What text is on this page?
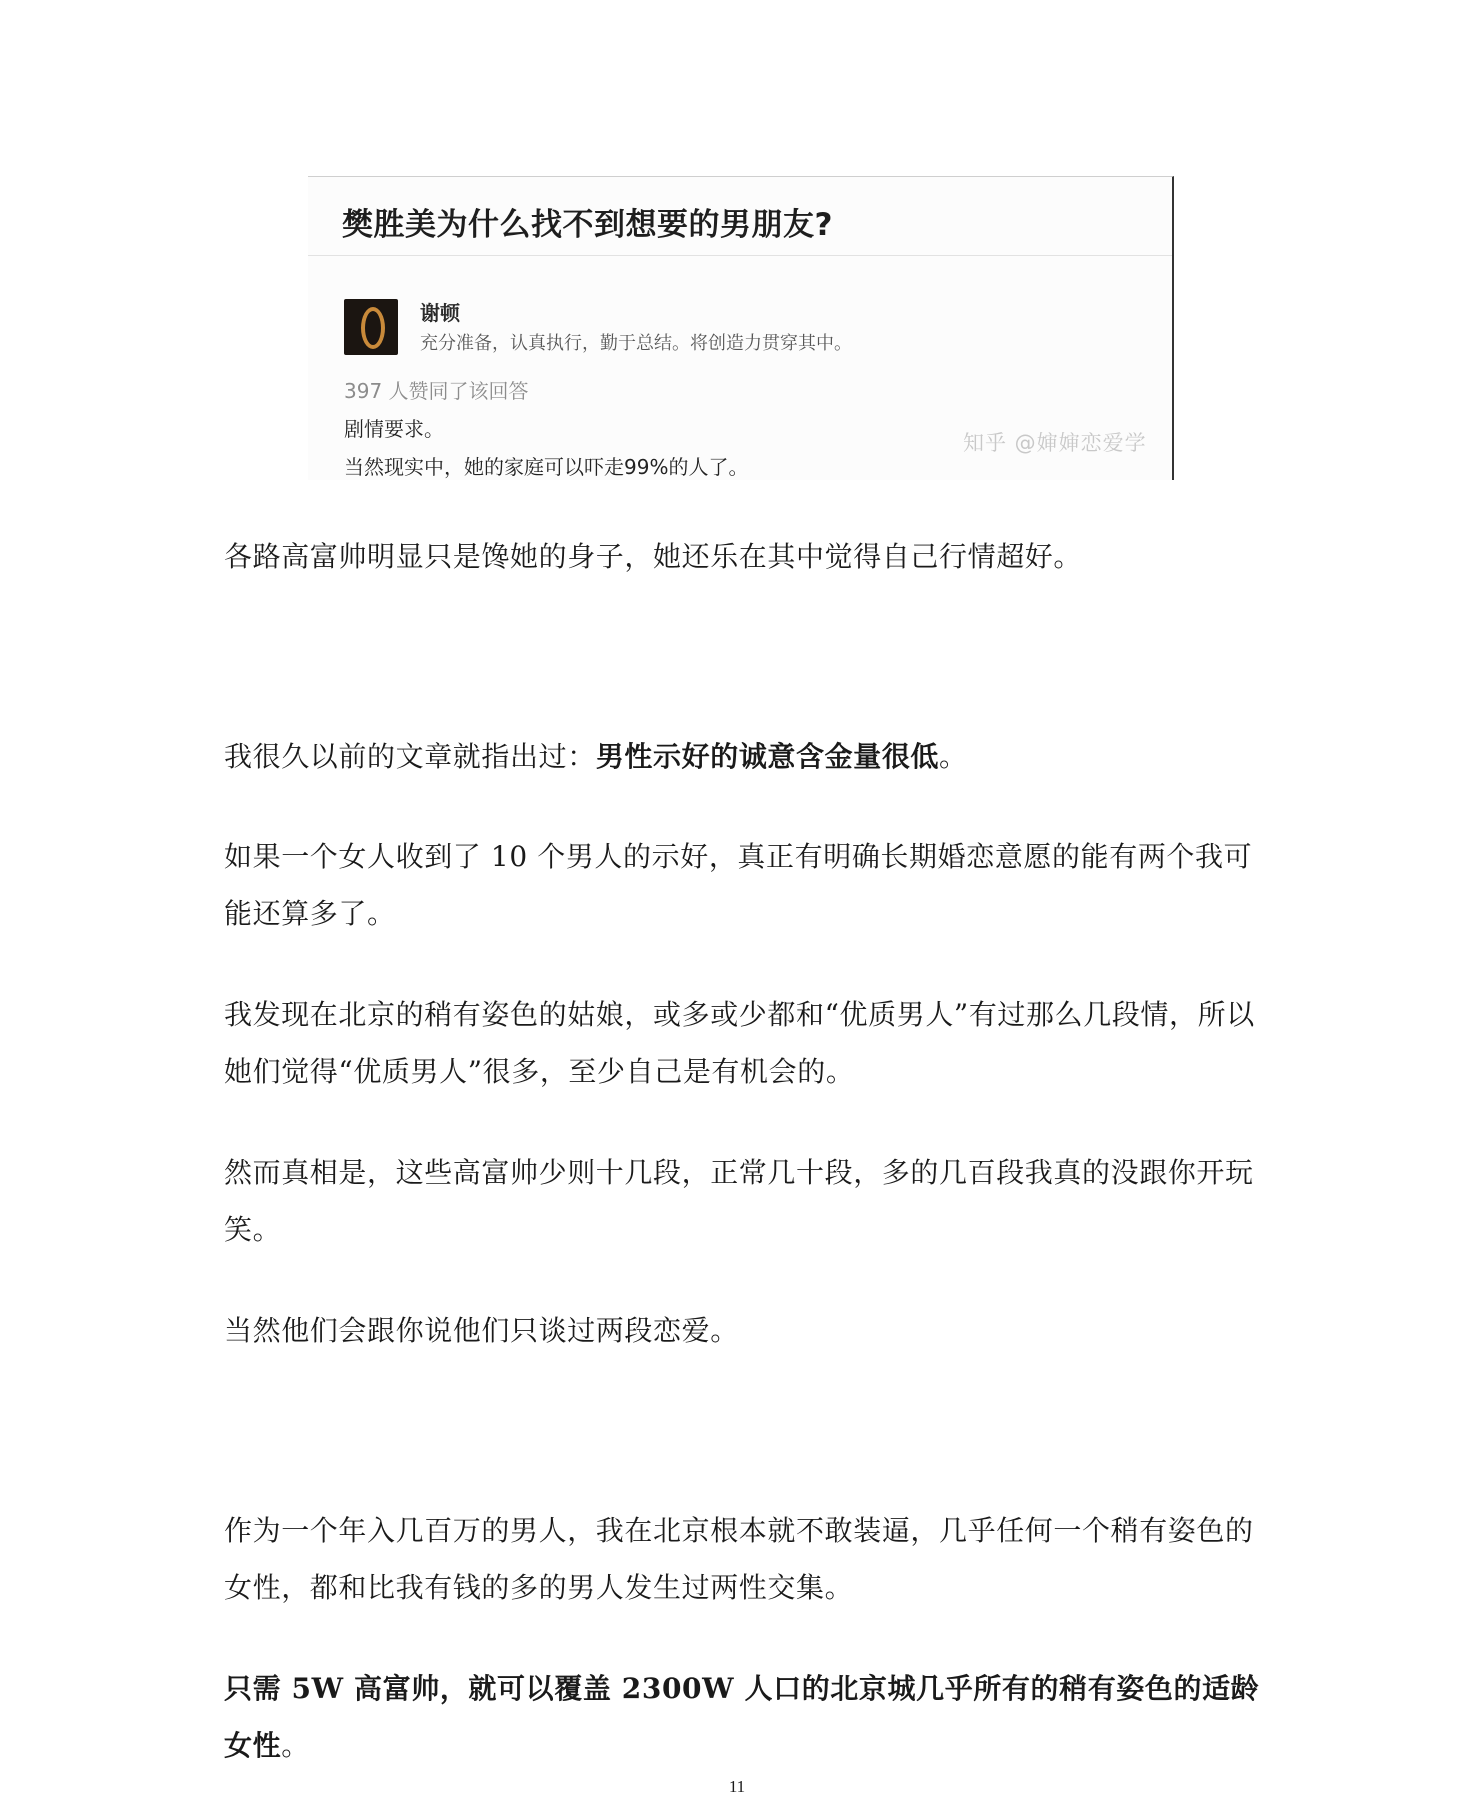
樊胜美为什么找不到想要的男朋友?
谢顿
充分准备，认真执行，勤于总结。将创造力贯穿其中。
397 人赞同了该回答
剧情要求。
当然现实中，她的家庭可以吓走99%的人了。
知乎 @婶婶恋爱学
各路高富帅明显只是馋她的身子，她还乐在其中觉得自己行情超好。
我很久以前的文章就指出过：男性示好的诚意含金量很低。
如果一个女人收到了 10 个男人的示好，真正有明确长期婚恋意愿的能有两个我可能还算多了。
我发现在北京的稍有姿色的姑娘，或多或少都和“优质男人”有过那么几段情，所以她们觉得“优质男人”很多，至少自己是有机会的。
然而真相是，这些高富帅少则十几段，正常几十段，多的几百段我真的没跟你开玩笑。
当然他们会跟你说他们只谈过两段恋爱。
作为一个年入几百万的男人，我在北京根本就不敢装逼，几乎任何一个稍有姿色的女性，都和比我有钱的多的男人发生过两性交集。
只需 5W 高富帅，就可以覆盖 2300W 人口的北京城几乎所有的稍有姿色的适龄女性。
11
